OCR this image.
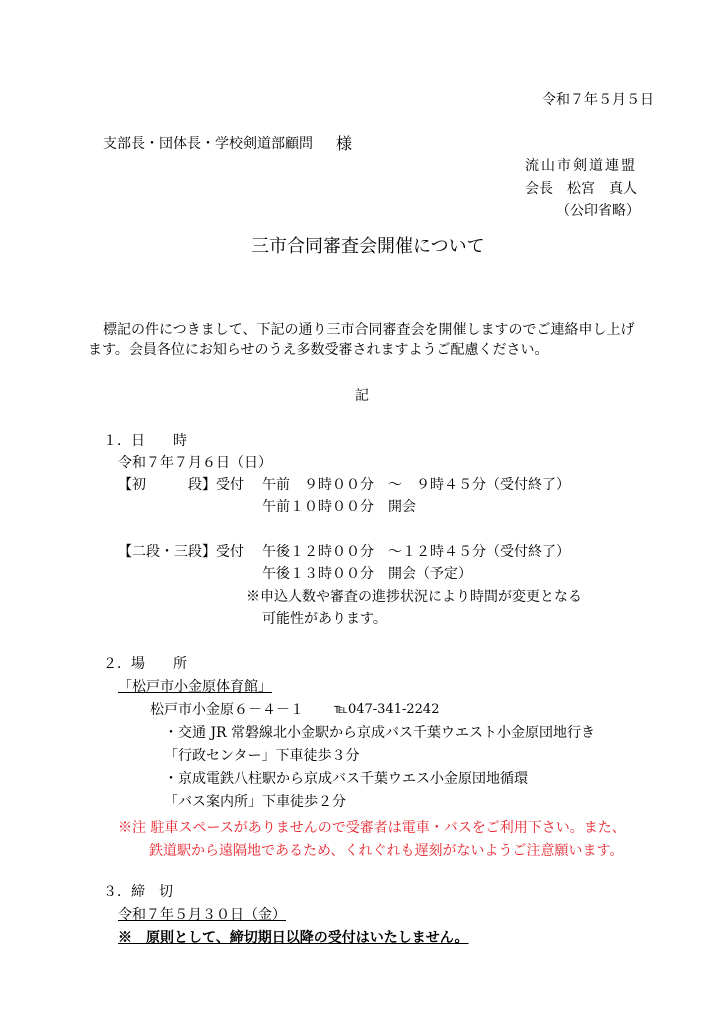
令和７年５月５日
支部長・団体長・学校剣道部顧問 様
流山市剣道連盟
会長　松宮　真人
（公印省略）
三市合同審査会開催について
標記の件につきまして、下記の通り三市合同審査会を開催しますのでご連絡申し上げ
ます。会員各位にお知らせのうえ多数受審されますようご配慮ください。
記
１．日　　時
令和７年７月６日（日）
【初　　　段】受付 午前　９時００分　～　９時４５分（受付終了）
午前１０時００分　開会
【二段・三段】受付 午後１２時００分　～１２時４５分（受付終了）
午後１３時００分　開会（予定）
※申込人数や審査の進捗状況により時間が変更となる
可能性があります。
２．場　　所
「松戸市小金原体育館」
松戸市小金原６－４－１ ℡047-341-2242
・交通 JR 常磐線北小金駅から京成バス千葉ウエスト小金原団地行き
「行政センター」下車徒歩３分
・京成電鉄八柱駅から京成バス千葉ウエス小金原団地循環
「バス案内所」下車徒歩２分
※注 駐車スペースがありませんので受審者は電車・バスをご利用下さい。また、
鉄道駅から遠隔地であるため、くれぐれも遅刻がないようご注意願います。
３．締　切
令和７年５月３０日（金）
※　原則として、締切期日以降の受付はいたしません。
